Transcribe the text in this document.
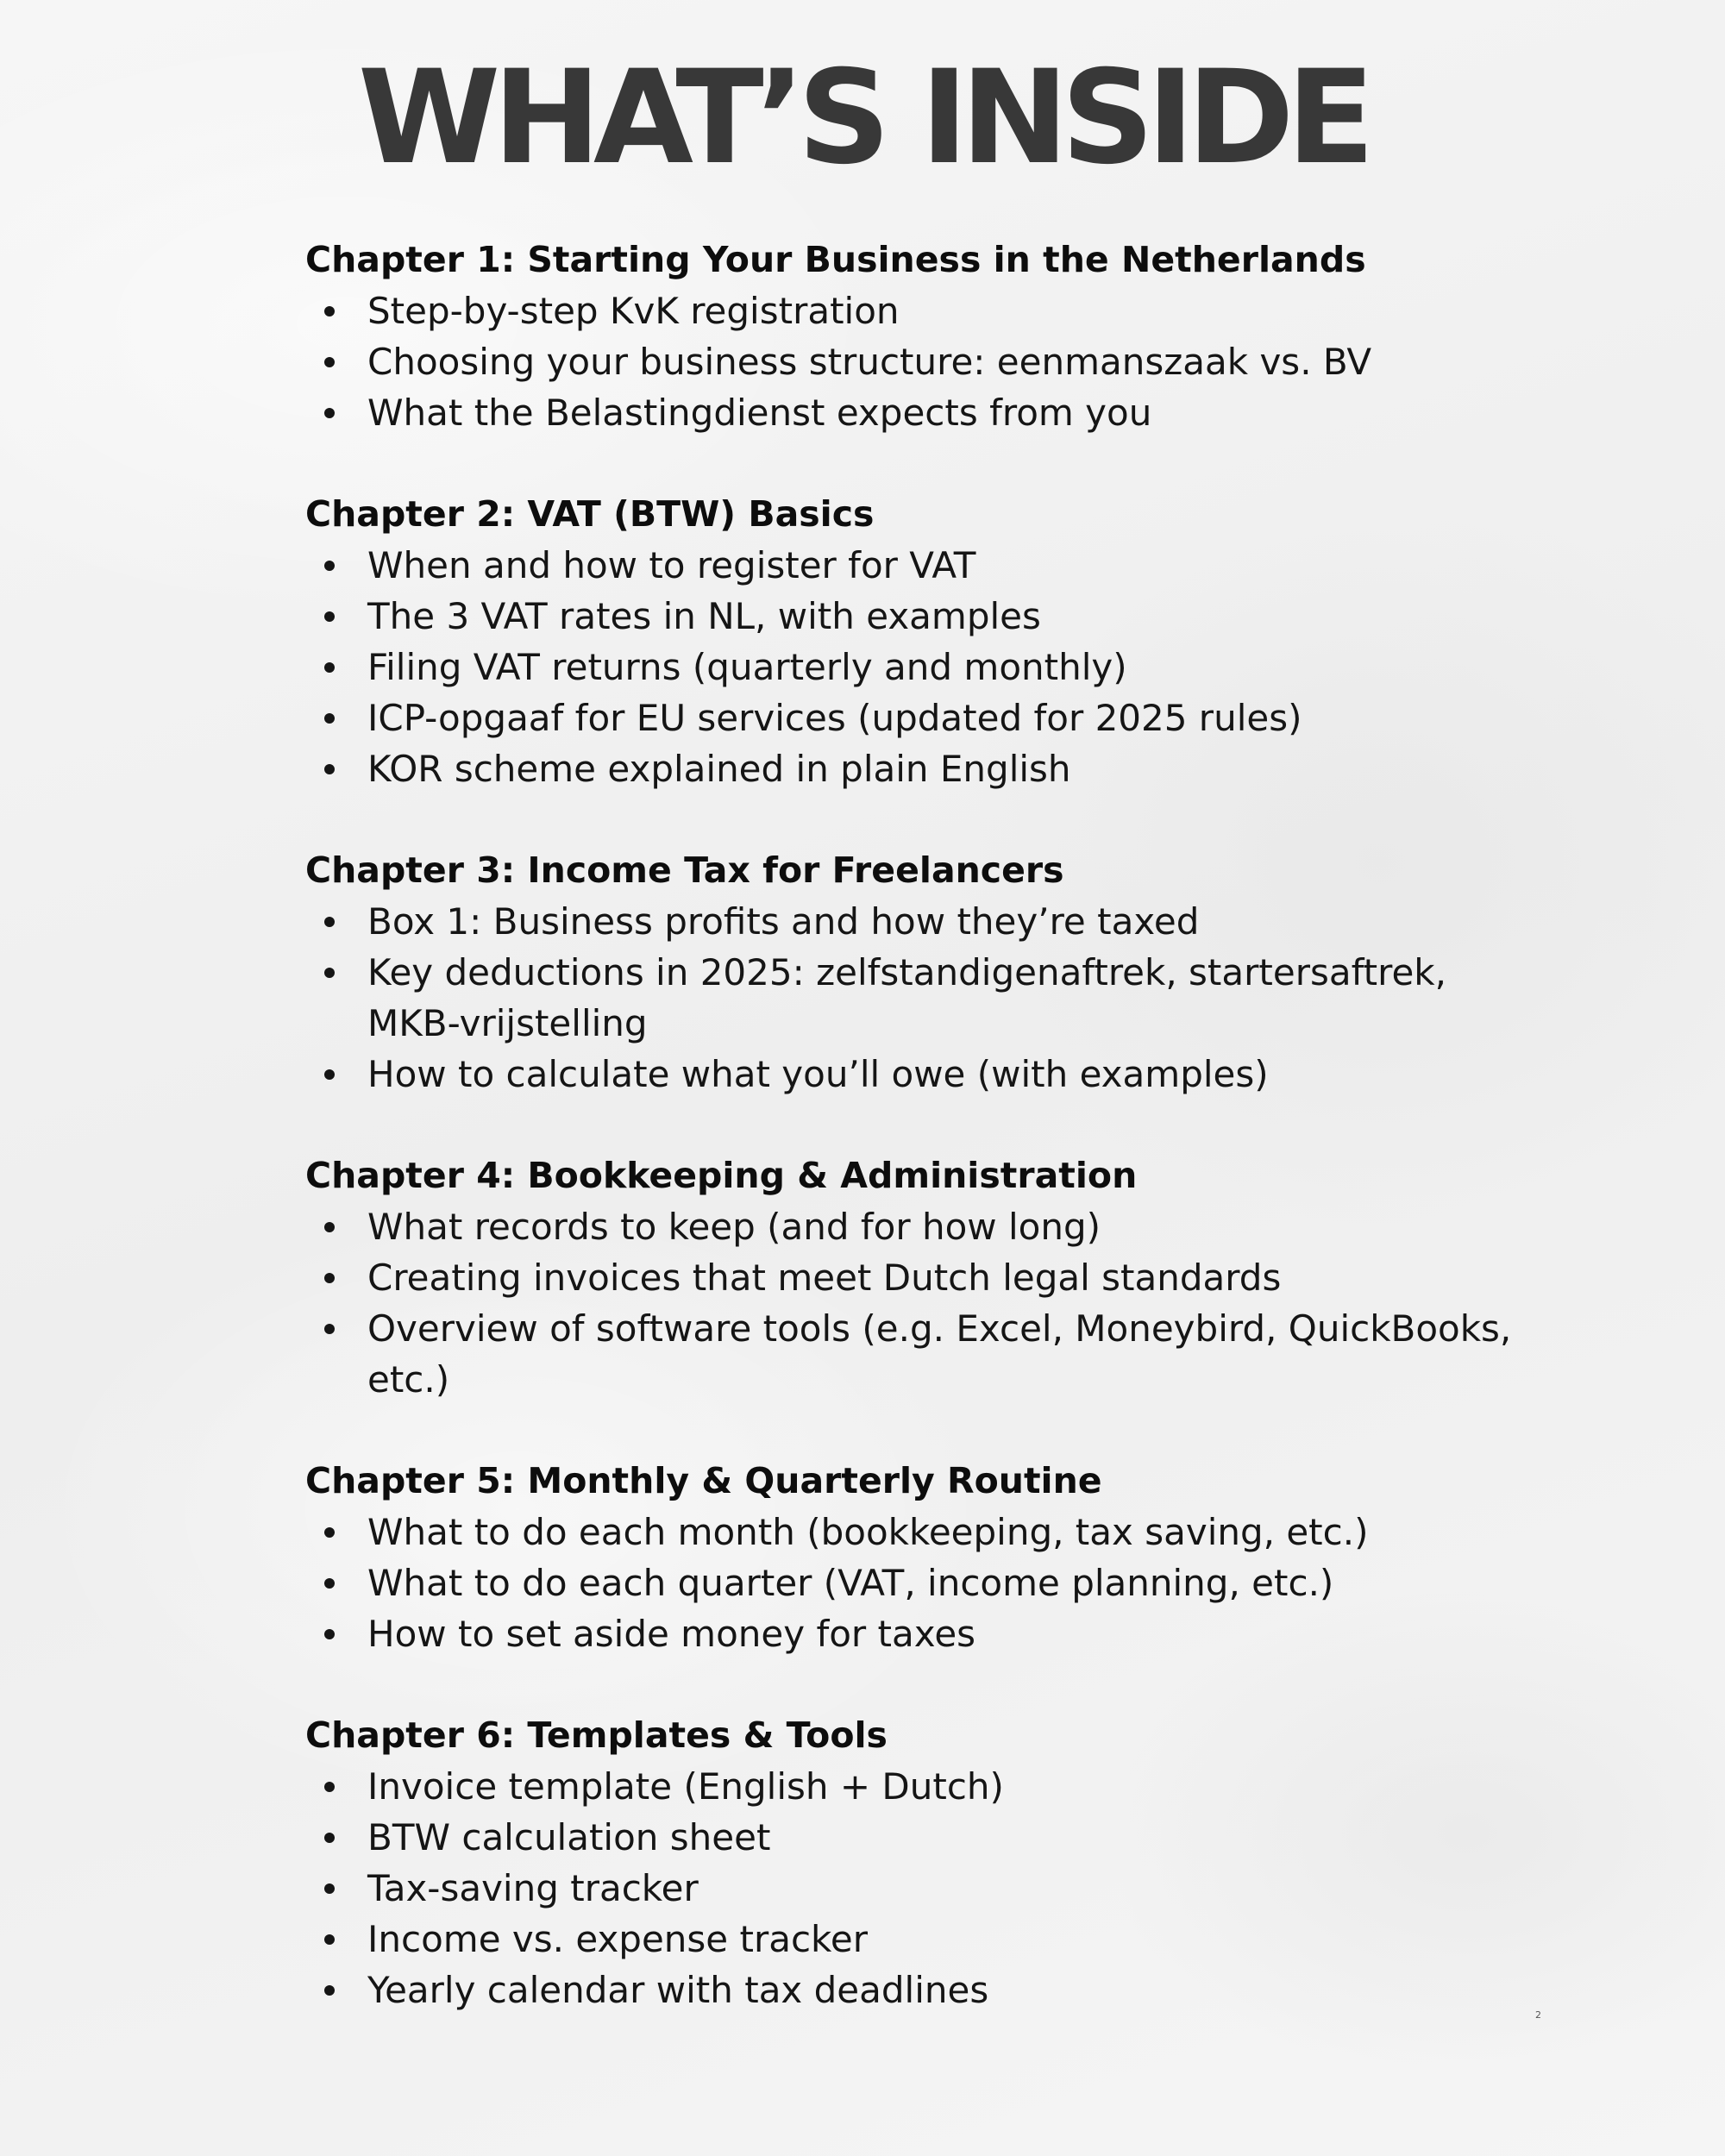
WHAT’S INSIDE
Chapter 1: Starting Your Business in the Netherlands
Step-by-step KvK registration
Choosing your business structure: eenmanszaak vs. BV
What the Belastingdienst expects from you
Chapter 2: VAT (BTW) Basics
When and how to register for VAT
The 3 VAT rates in NL, with examples
Filing VAT returns (quarterly and monthly)
ICP-opgaaf for EU services (updated for 2025 rules)
KOR scheme explained in plain English
Chapter 3: Income Tax for Freelancers
Box 1: Business profits and how they’re taxed
Key deductions in 2025: zelfstandigenaftrek, startersaftrek, MKB-vrijstelling
How to calculate what you’ll owe (with examples)
Chapter 4: Bookkeeping & Administration
What records to keep (and for how long)
Creating invoices that meet Dutch legal standards
Overview of software tools (e.g. Excel, Moneybird, QuickBooks, etc.)
Chapter 5: Monthly & Quarterly Routine
What to do each month (bookkeeping, tax saving, etc.)
What to do each quarter (VAT, income planning, etc.)
How to set aside money for taxes
Chapter 6: Templates & Tools
Invoice template (English + Dutch)
BTW calculation sheet
Tax-saving tracker
Income vs. expense tracker
Yearly calendar with tax deadlines
2
